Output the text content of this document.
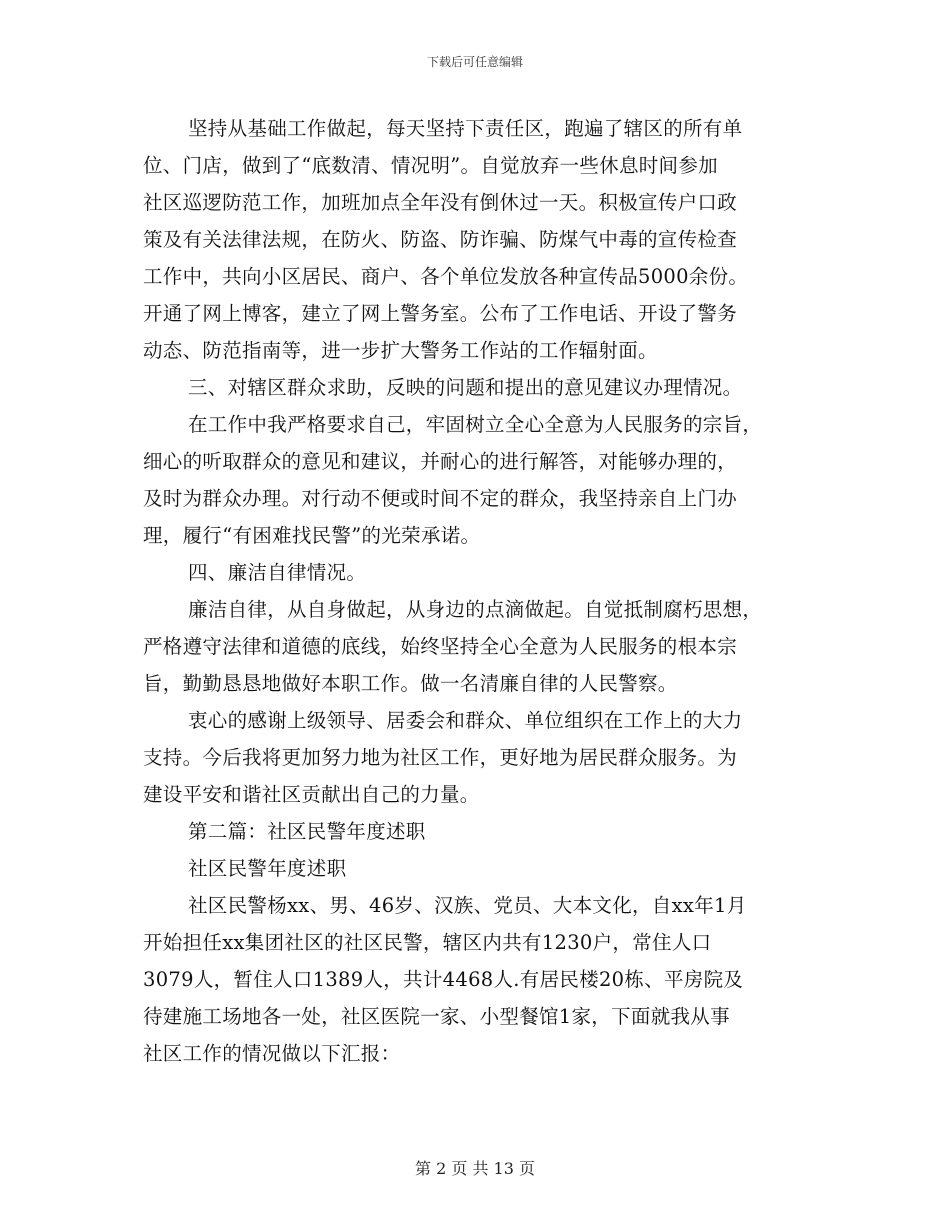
下载后可任意编辑
坚持从基础工作做起，每天坚持下责任区，跑遍了辖区的所有单
位、门店，做到了“底数清、情况明”。自觉放弃一些休息时间参加
社区巡逻防范工作，加班加点全年没有倒休过一天。积极宣传户口政
策及有关法律法规，在防火、防盗、防诈骗、防煤气中毒的宣传检查
工作中，共向小区居民、商户、各个单位发放各种宣传品5000余份。
开通了网上博客，建立了网上警务室。公布了工作电话、开设了警务
动态、防范指南等，进一步扩大警务工作站的工作辐射面。
三、对辖区群众求助，反映的问题和提出的意见建议办理情况。
在工作中我严格要求自己，牢固树立全心全意为人民服务的宗旨，
细心的听取群众的意见和建议，并耐心的进行解答，对能够办理的，
及时为群众办理。对行动不便或时间不定的群众，我坚持亲自上门办
理，履行“有困难找民警”的光荣承诺。
四、廉洁自律情况。
廉洁自律，从自身做起，从身边的点滴做起。自觉抵制腐朽思想，
严格遵守法律和道德的底线，始终坚持全心全意为人民服务的根本宗
旨，勤勤恳恳地做好本职工作。做一名清廉自律的人民警察。
衷心的感谢上级领导、居委会和群众、单位组织在工作上的大力
支持。今后我将更加努力地为社区工作，更好地为居民群众服务。为
建设平安和谐社区贡献出自己的力量。
第二篇：社区民警年度述职
社区民警年度述职
社区民警杨xx、男、46岁、汉族、党员、大本文化，自xx年1月
开始担任xx集团社区的社区民警，辖区内共有1230户，常住人口
3079人，暂住人口1389人，共计4468人.有居民楼20栋、平房院及
待建施工场地各一处，社区医院一家、小型餐馆1家，下面就我从事
社区工作的情况做以下汇报：
第 2 页 共 13 页
